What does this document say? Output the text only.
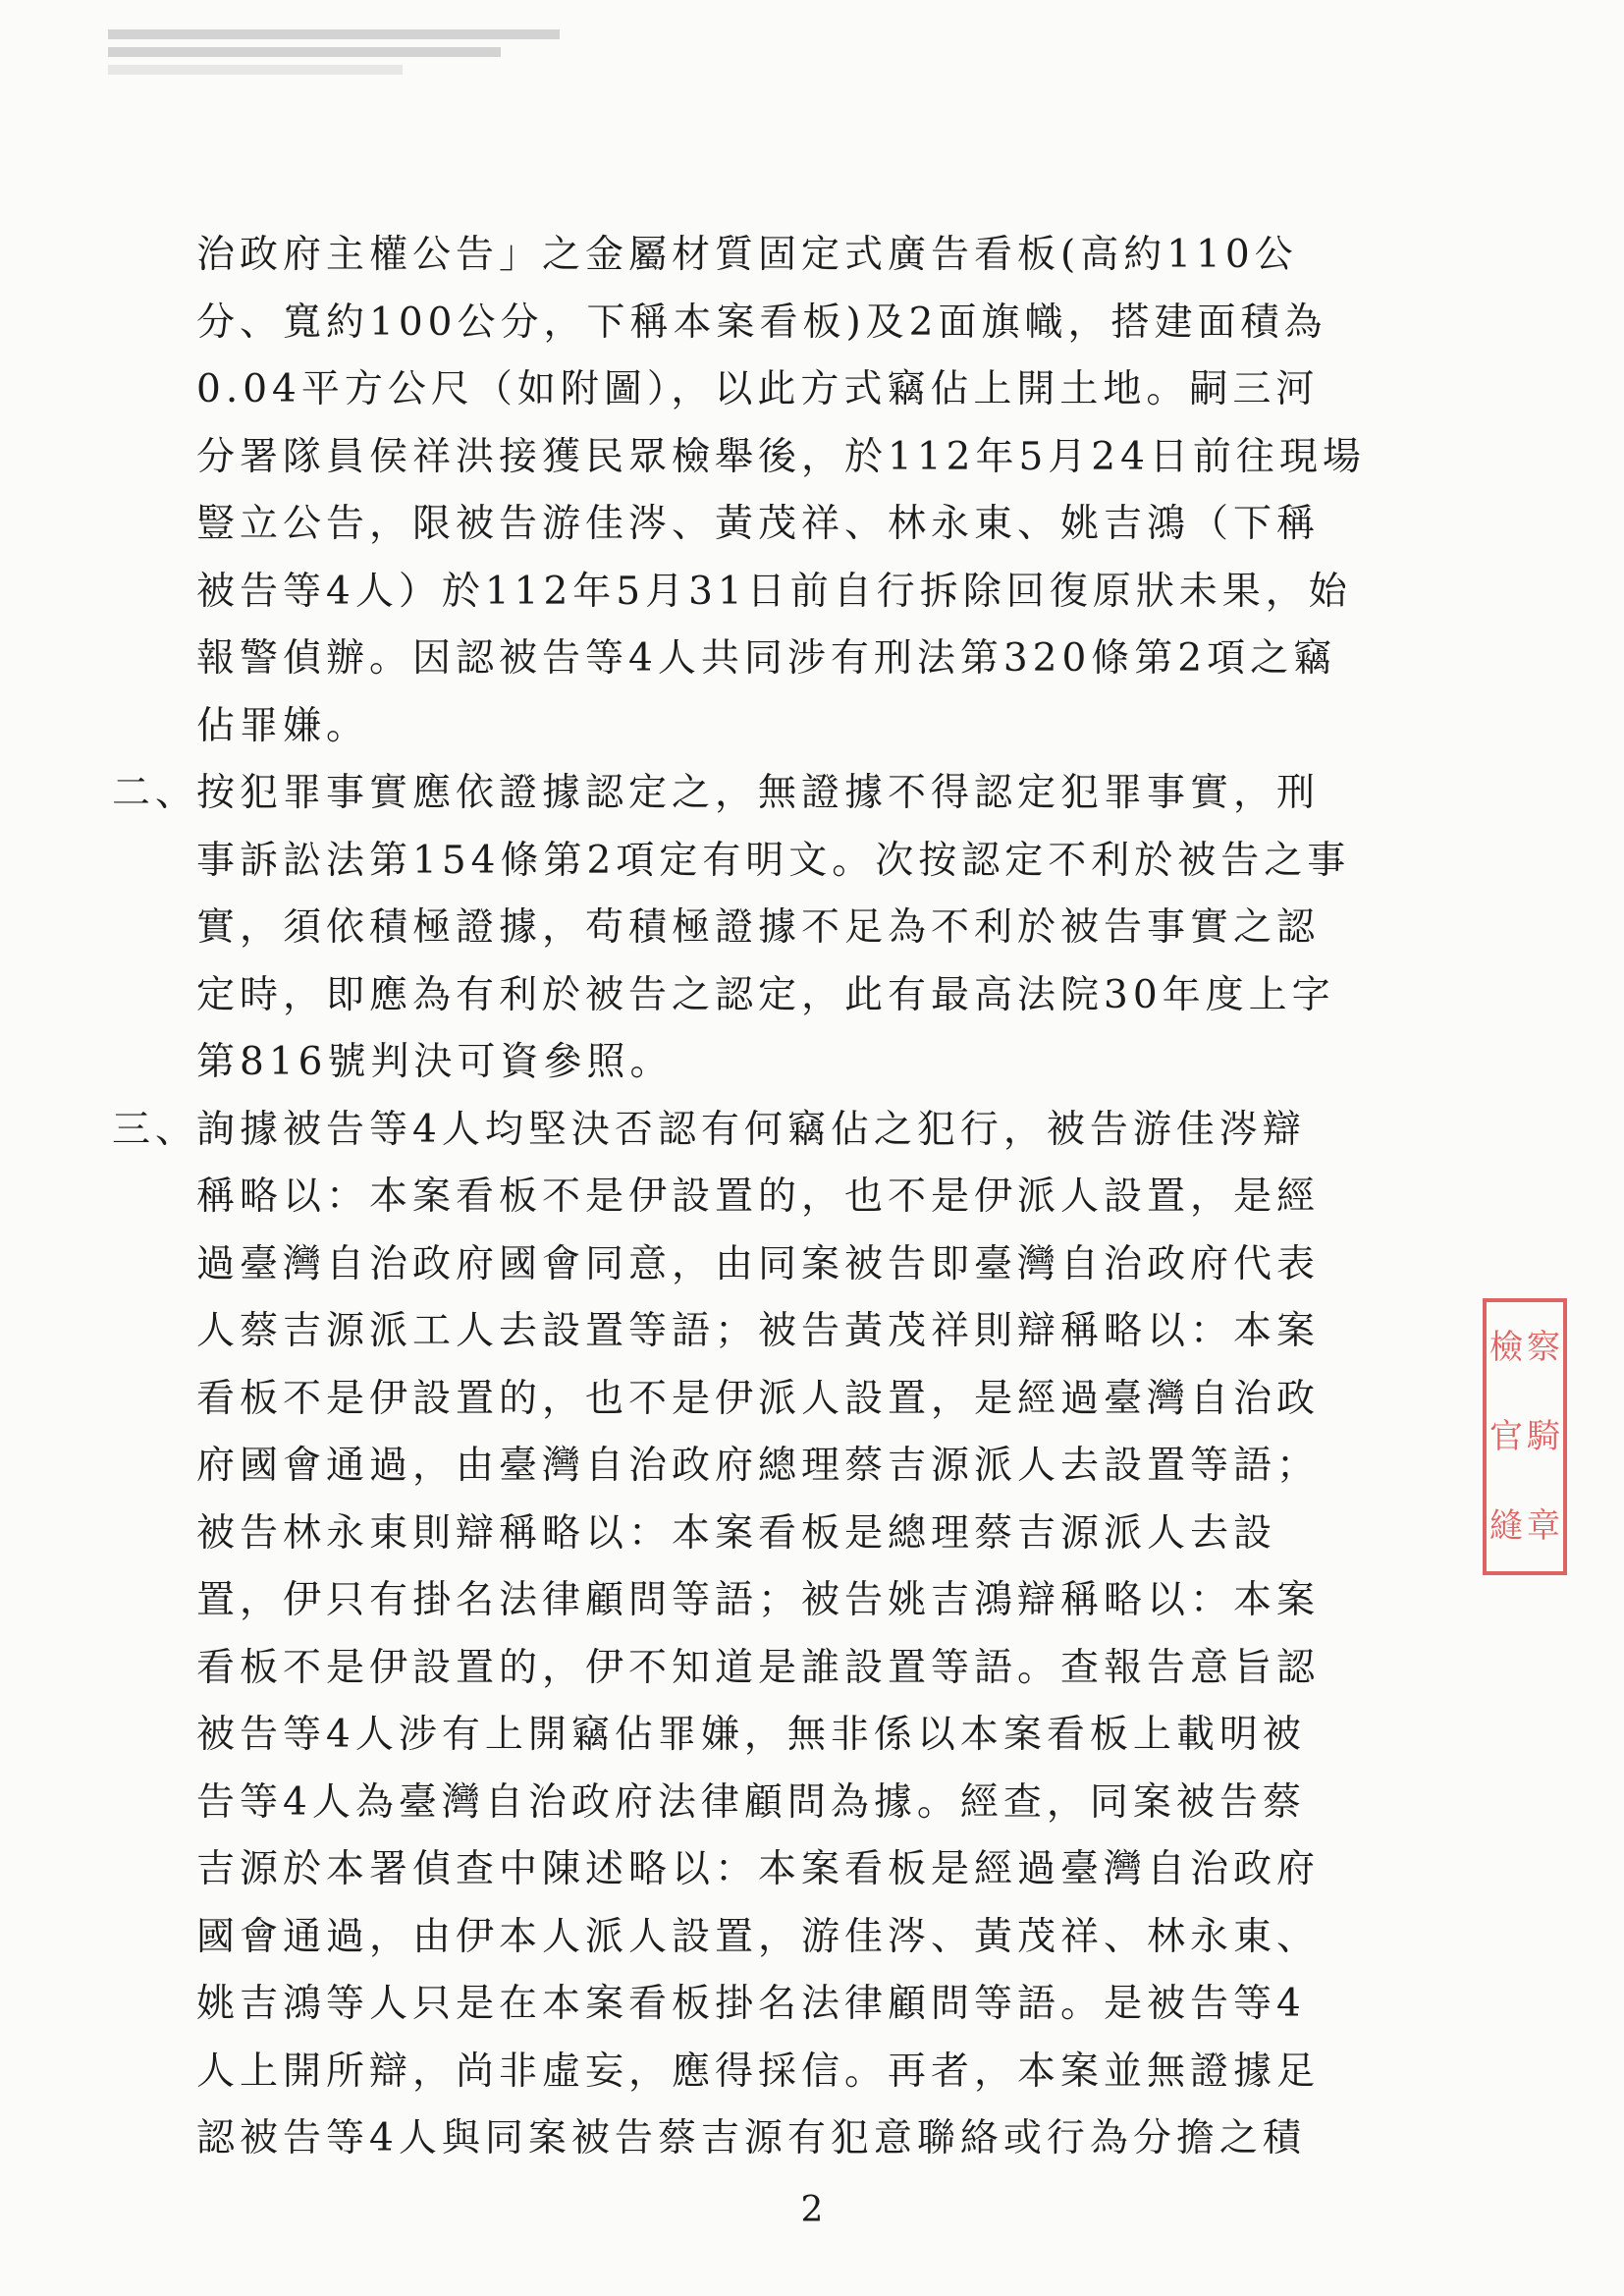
治政府主權公告」之金屬材質固定式廣告看板(高約110公
分、寬約100公分，下稱本案看板)及2面旗幟，搭建面積為
0.04平方公尺（如附圖），以此方式竊佔上開土地。嗣三河
分署隊員侯祥洪接獲民眾檢舉後，於112年5月24日前往現場
豎立公告，限被告游佳涔、黃茂祥、林永東、姚吉鴻（下稱
被告等4人）於112年5月31日前自行拆除回復原狀未果，始
報警偵辦。因認被告等4人共同涉有刑法第320條第2項之竊
佔罪嫌。
二、
按犯罪事實應依證據認定之，無證據不得認定犯罪事實，刑
事訴訟法第154條第2項定有明文。次按認定不利於被告之事
實，須依積極證據，苟積極證據不足為不利於被告事實之認
定時，即應為有利於被告之認定，此有最高法院30年度上字
第816號判決可資參照。
三、
詢據被告等4人均堅決否認有何竊佔之犯行，被告游佳涔辯
稱略以：本案看板不是伊設置的，也不是伊派人設置，是經
過臺灣自治政府國會同意，由同案被告即臺灣自治政府代表
人蔡吉源派工人去設置等語；被告黃茂祥則辯稱略以：本案
看板不是伊設置的，也不是伊派人設置，是經過臺灣自治政
府國會通過，由臺灣自治政府總理蔡吉源派人去設置等語；
被告林永東則辯稱略以：本案看板是總理蔡吉源派人去設
置，伊只有掛名法律顧問等語；被告姚吉鴻辯稱略以：本案
看板不是伊設置的，伊不知道是誰設置等語。查報告意旨認
被告等4人涉有上開竊佔罪嫌，無非係以本案看板上載明被
告等4人為臺灣自治政府法律顧問為據。經查，同案被告蔡
吉源於本署偵查中陳述略以：本案看板是經過臺灣自治政府
國會通過，由伊本人派人設置，游佳涔、黃茂祥、林永東、
姚吉鴻等人只是在本案看板掛名法律顧問等語。是被告等4
人上開所辯，尚非虛妄，應得採信。再者，本案並無證據足
認被告等4人與同案被告蔡吉源有犯意聯絡或行為分擔之積
檢 察
官 騎
縫 章
2
